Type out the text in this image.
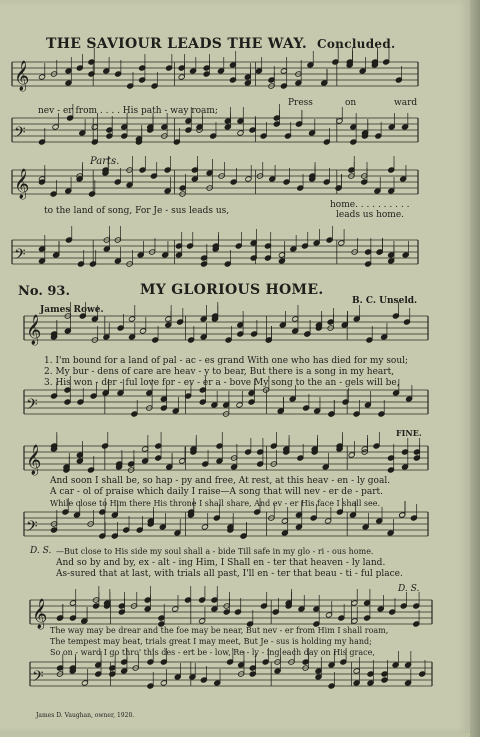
𝄞
𝄢
𝄞
𝄢
𝄞
𝄢
𝄞
𝄢
𝄞
𝄢
THE SAVIOUR LEADS THE WAY. Concluded.
nev - er from . . . . His path - way roam;
Press	on	ward
Parts.
to the land of song, For Je - sus leads us,
home. . . . . . . . . .
leads us home.
No. 93.	MY GLORIOUS HOME.
James Rowe.
B. C. Unseld.
1. I'm bound for a land of pal - ac - es grand With one who has died for my soul;
2. My bur - dens of care are heav - y to bear, But there is a song in my heart,
3. His won - der - ful love for - ev - er a - bove My song to the an - gels will be,
FINE.
And soon I shall be, so hap - py and free, At rest, at this heav - en - ly goal.
A car - ol of praise which daily I raise—A song that will nev - er de - part.
While close to Him there His throne I shall share, And ev - er His face I shall see.
D. S. —But close to His side my soul shall a - bide Till safe in my glo - ri - ous home.
And so by and by, ex - alt - ing Him, I Shall en - ter that heaven - ly land.
As-sured that at last, with trials all past, I'll en - ter that beau - ti - ful place.
D. S.
The way may be drear and the foe may be near, But nev - er from Him I shall roam,
The tempest may beat, trials great I may meet, But Je - sus is holding my hand;
So on - ward I go thro' this des - ert be - low, Re - ly - ing each day on His grace,
James D. Vaughan, owner, 1920.
